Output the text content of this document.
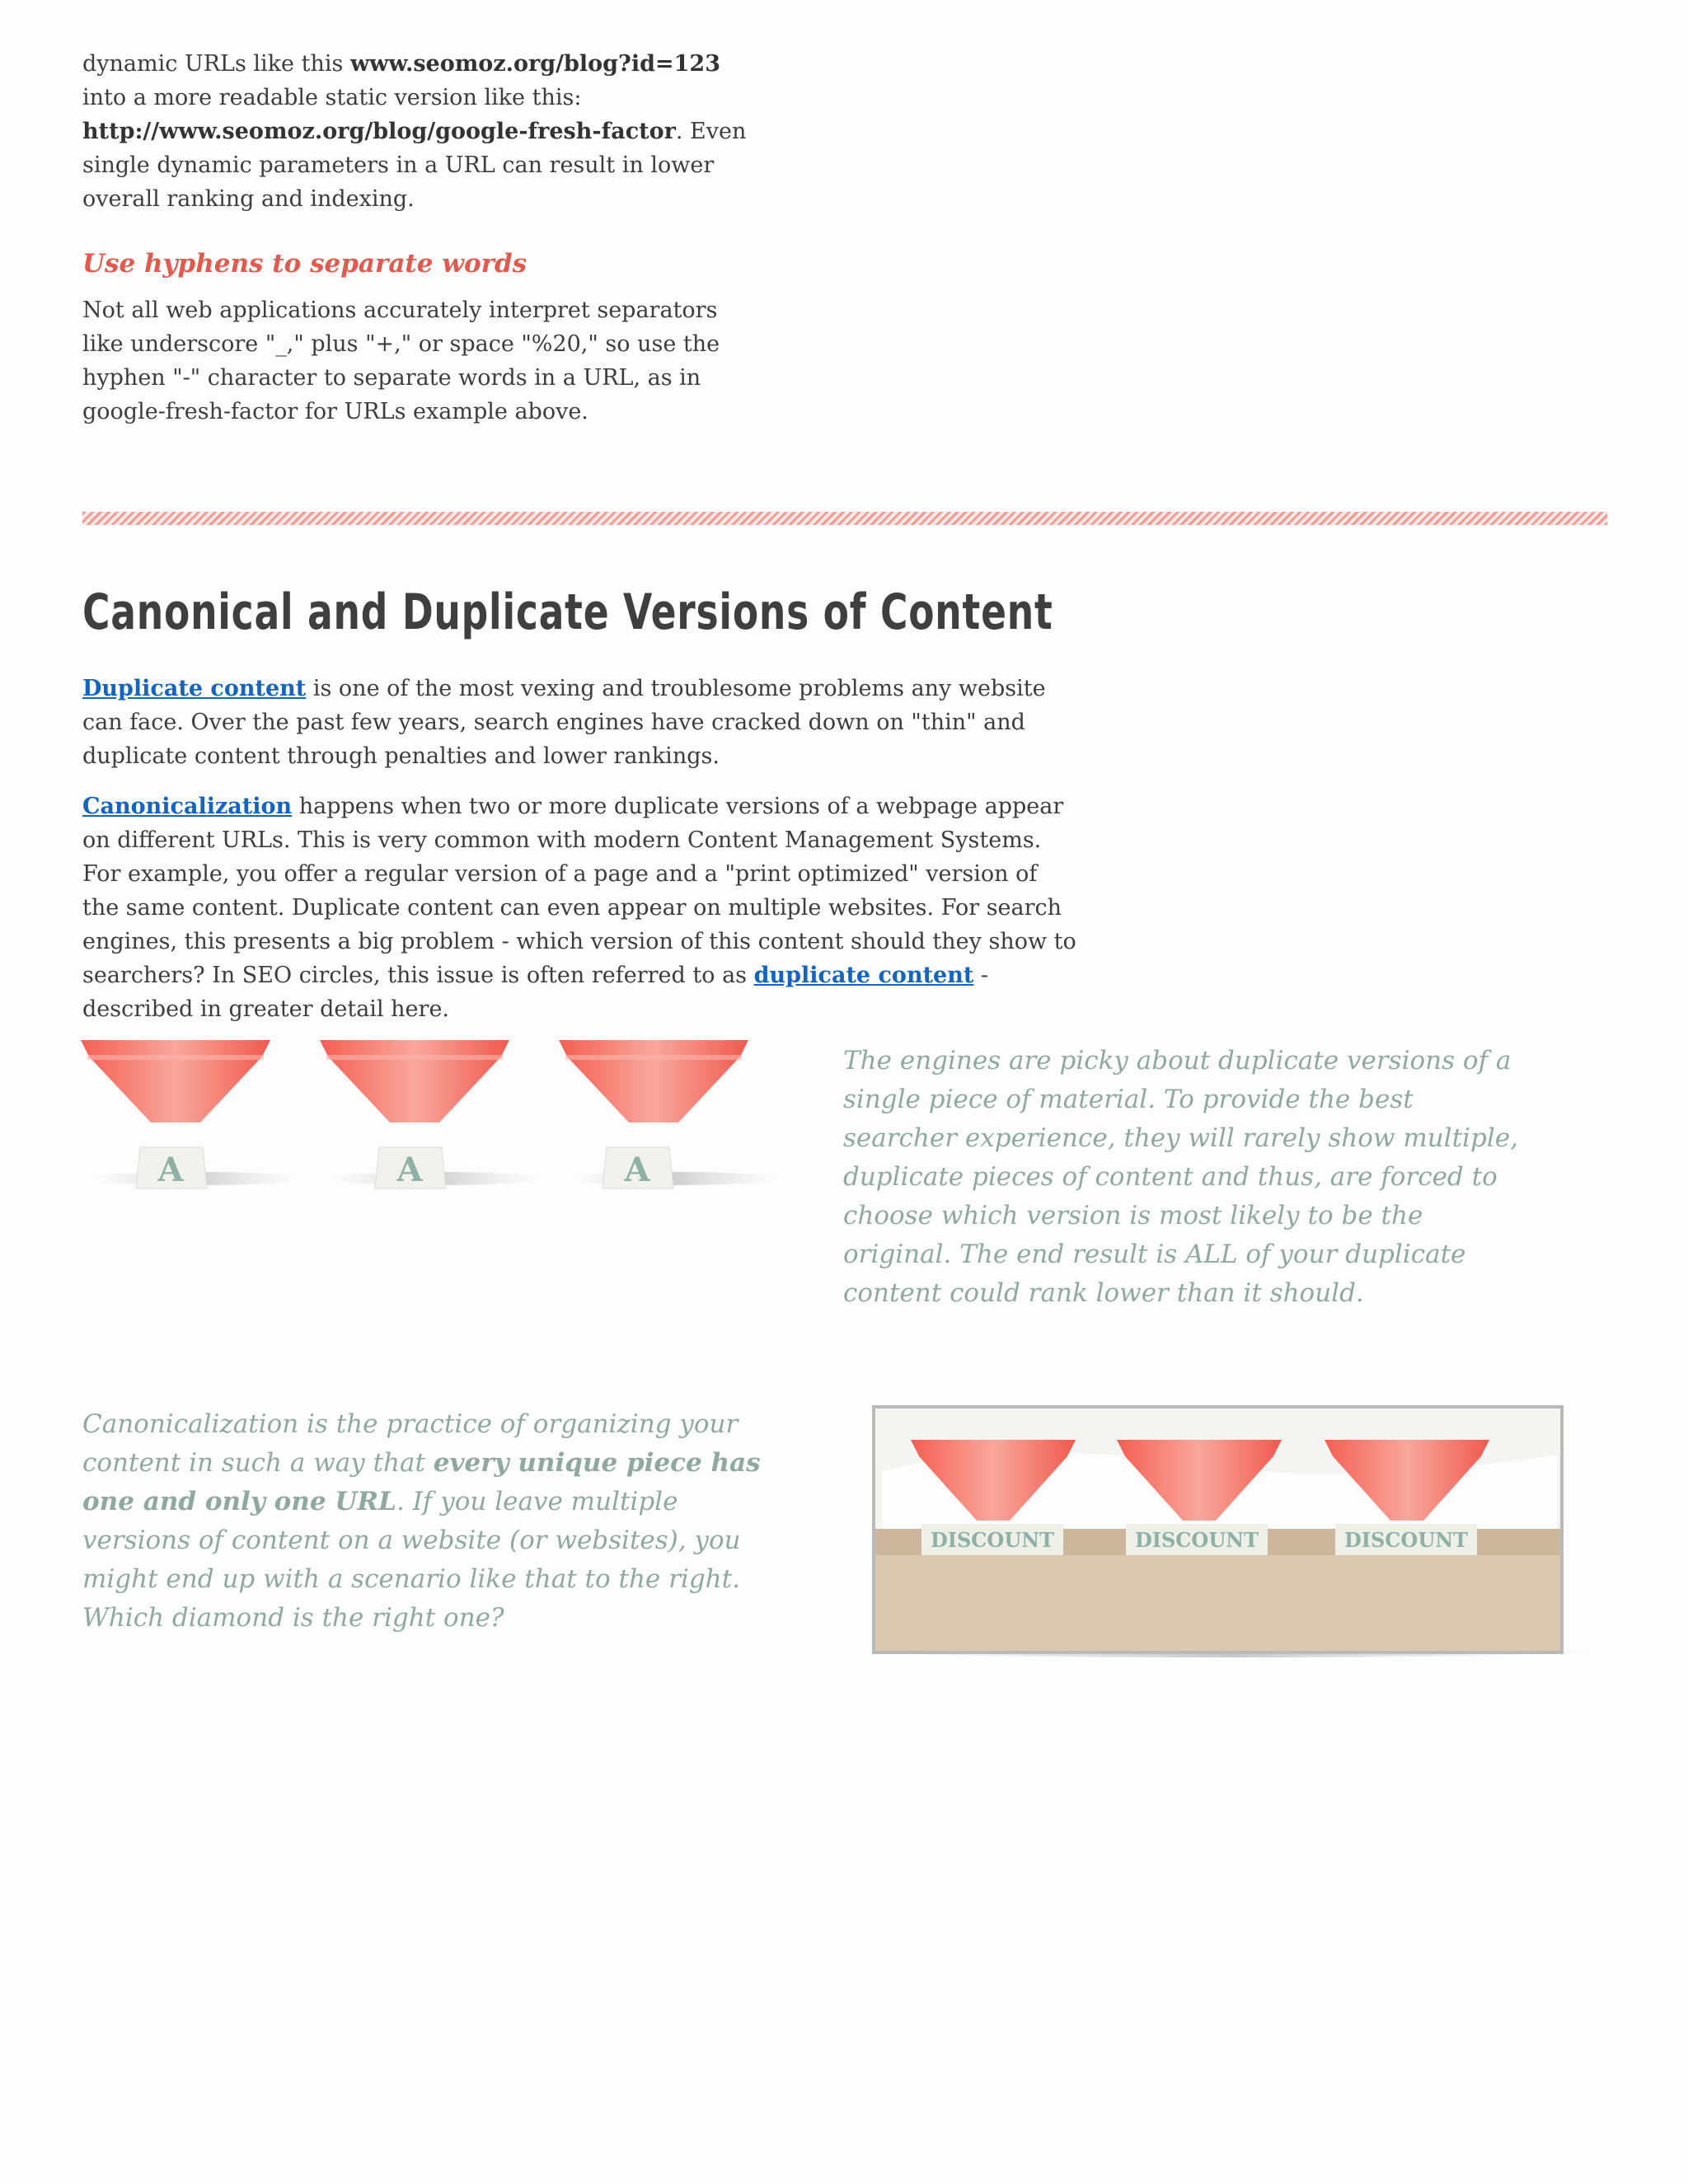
dynamic URLs like this www.seomoz.org/blog?id=123 into a more readable static version like this: http://www.seomoz.org/blog/google-fresh-factor. Even single dynamic parameters in a URL can result in lower overall ranking and indexing.

Use hyphens to separate words

Not all web applications accurately interpret separators like underscore "_," plus "+," or space "%20," so use the hyphen "-" character to separate words in a URL, as in google-fresh-factor for URLs example above.

Canonical and Duplicate Versions of Content

Duplicate content is one of the most vexing and troublesome problems any website can face. Over the past few years, search engines have cracked down on "thin" and duplicate content through penalties and lower rankings.

Canonicalization happens when two or more duplicate versions of a webpage appear on different URLs. This is very common with modern Content Management Systems. For example, you offer a regular version of a page and a "print optimized" version of the same content. Duplicate content can even appear on multiple websites. For search engines, this presents a big problem - which version of this content should they show to searchers? In SEO circles, this issue is often referred to as duplicate content - described in greater detail here.

A	A	A
The engines are picky about duplicate versions of a single piece of material. To provide the best searcher experience, they will rarely show multiple, duplicate pieces of content and thus, are forced to choose which version is most likely to be the original. The end result is ALL of your duplicate content could rank lower than it should.
Canonicalization is the practice of organizing your content in such a way that every unique piece has one and only one URL. If you leave multiple versions of content on a website (or websites), you might end up with a scenario like that to the right. Which diamond is the right one?
DISCOUNT	DISCOUNT	DISCOUNT
